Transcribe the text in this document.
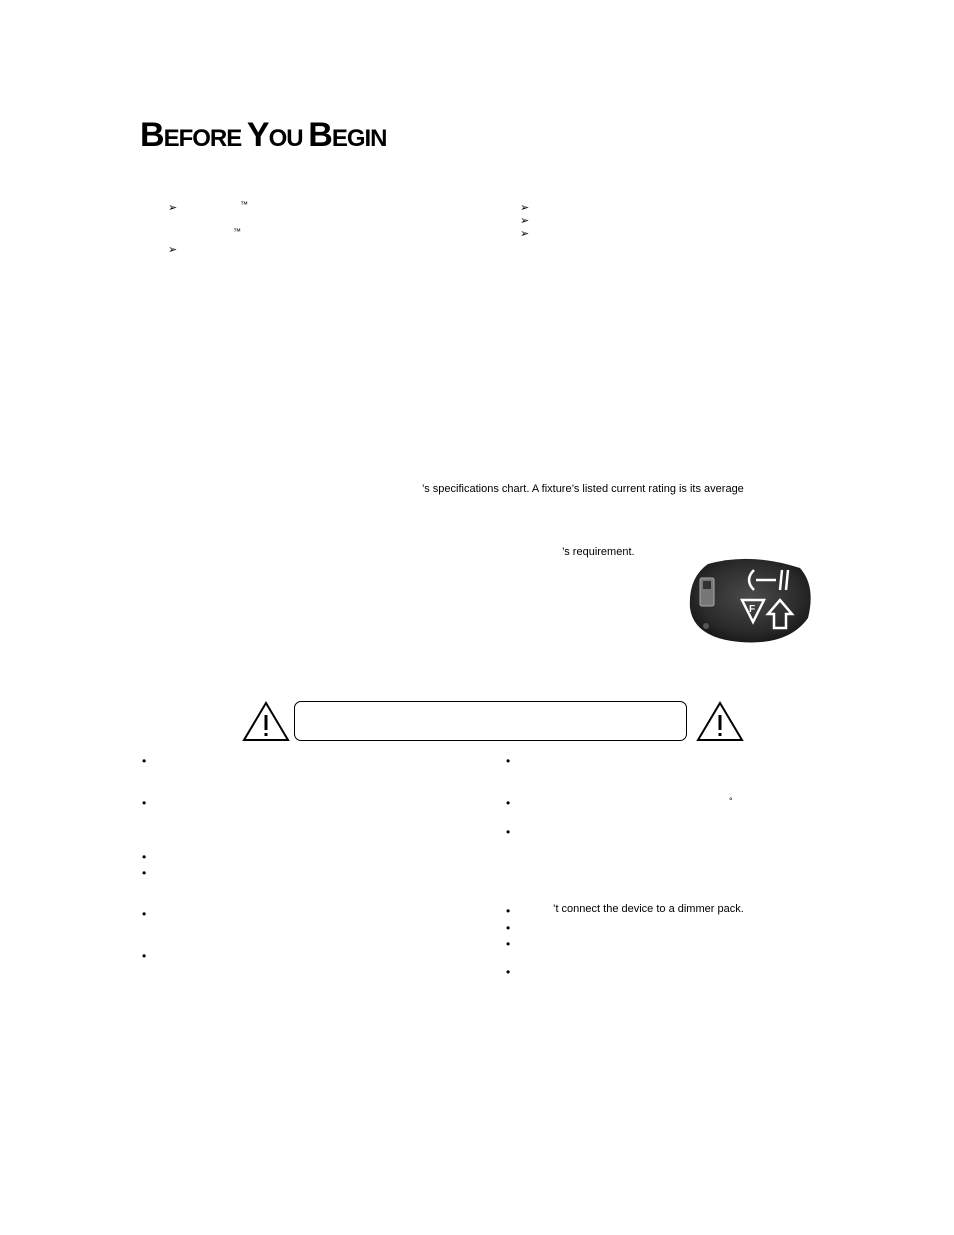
BEFORE YOU BEGIN
➢	™
™
➢
➢
➢
➢
’s specifications chart. A fixture’s listed current rating is its average
’s requirement.
F
•
•
•
•
•
•
•
•	°
•
•	’t connect the device to a dimmer pack.
•
•
•
